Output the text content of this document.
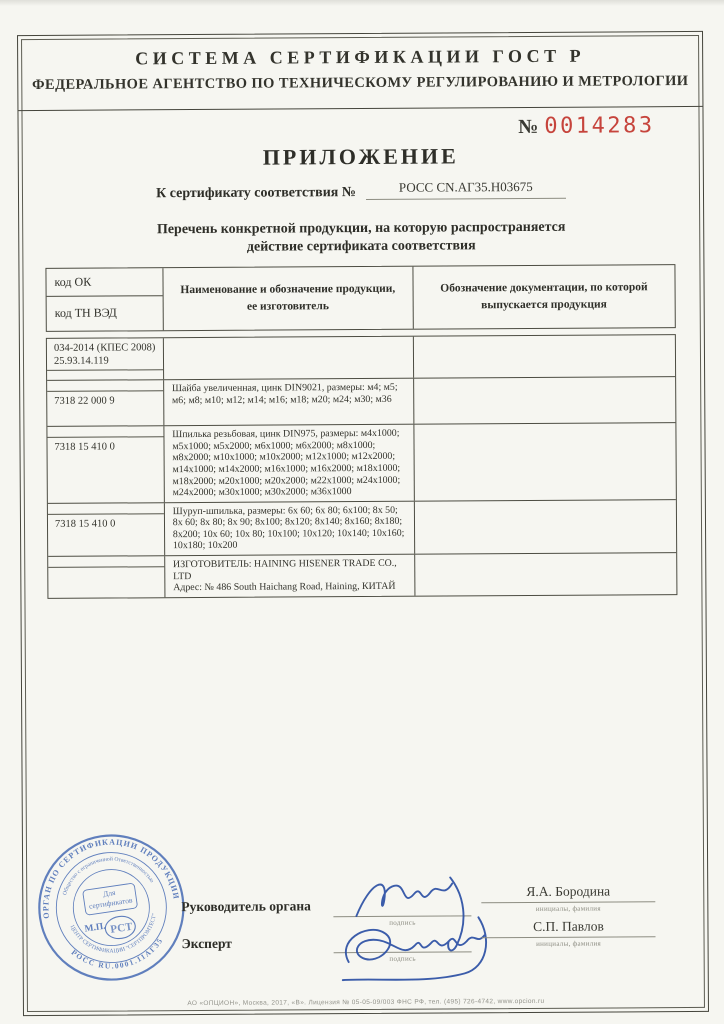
СИСТЕМА СЕРТИФИКАЦИИ ГОСТ Р
ФЕДЕРАЛЬНОЕ АГЕНТСТВО ПО ТЕХНИЧЕСКОМУ РЕГУЛИРОВАНИЮ И МЕТРОЛОГИИ
№ 0014283
ПРИЛОЖЕНИЕ
К сертификату соответствия №	РОСС CN.АГ35.H03675
Перечень конкретной продукции, на которую распространяется
действие сертификата соответствия
код ОК
код ТН ВЭД
Наименование и обозначение продукции, ее изготовитель
Обозначение документации, по которой выпускается продукция
034-2014 (КПЕС 2008)
25.93.14.119
7318 22 000 9
Шайба увеличенная, цинк DIN9021, размеры: м4; м5; м6; м8; м10; м12; м14; м16; м18; м20; м24; м30; м36
7318 15 410 0
Шпилька резьбовая, цинк DIN975, размеры: м4х1000; м5х1000; м5х2000; м6х1000; м6х2000; м8х1000; м8х2000; м10х1000; м10х2000; м12х1000; м12х2000; м14х1000; м14х2000; м16х1000; м16х2000; м18х1000; м18х2000; м20х1000; м20х2000; м22х1000; м24х1000; м24х2000; м30х1000; м30х2000; м36х1000
7318 15 410 0
Шуруп-шпилька, размеры: 6х 60; 6х 80; 6х100; 8х 50; 8х 60; 8х 80; 8х 90; 8х100; 8х120; 8х140; 8х160; 8х180; 8х200; 10х 60; 10х 80; 10х100; 10х120; 10х140; 10х160; 10х180; 10х200
ИЗГОТОВИТЕЛЬ: HAINING HISENER TRADE CO., LTD
Адрес: № 486 South Haichang Road, Haining, КИТАЙ
ОРГАН ПО СЕРТИФИКАЦИИ ПРОДУКЦИИ
РОСС RU.0001.11АГ35
Общество с ограниченной Ответственностью
ЦЕНТР СЕРТИФИКАЦИИ "СЕРТПРОМТЕСТ"
Для
сертификатов
М.П. РСТ
Руководитель органа
Эксперт
подпись
подпись
Я.А. Бородина
инициалы, фамилия
С.П. Павлов
инициалы, фамилия
АО «ОПЦИОН», Москва, 2017, «В». Лицензия № 05-05-09/003 ФНС РФ, тел. (495) 726-4742, www.opcion.ru
